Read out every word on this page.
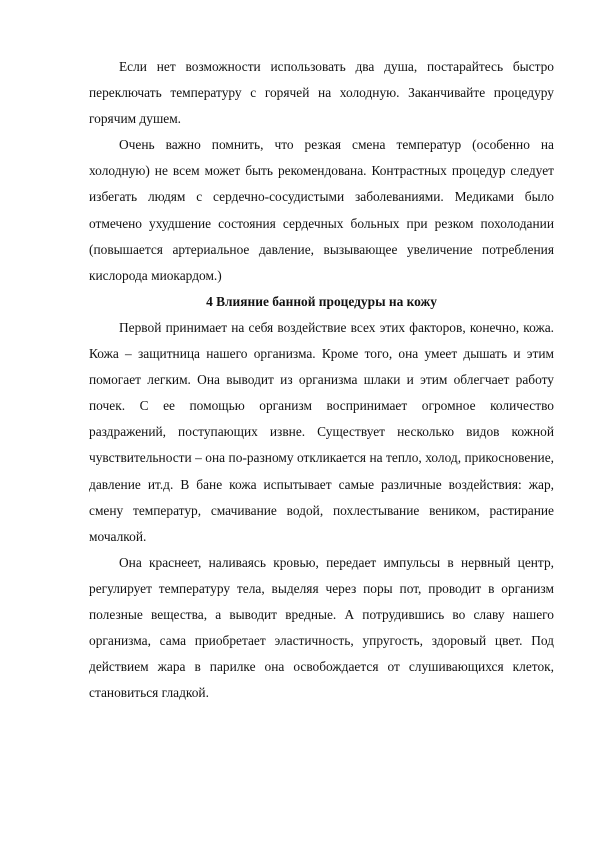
Если нет возможности использовать два душа, постарайтесь быстро переключать температуру с горячей на холодную. Заканчивайте процедуру горячим душем.

Очень важно помнить, что резкая смена температур (особенно на холодную) не всем может быть рекомендована. Контрастных процедур следует избегать людям с сердечно-сосудистыми заболеваниями. Медиками было отмечено ухудшение состояния сердечных больных при резком похолодании (повышается артериальное давление, вызывающее увеличение потребления кислорода миокардом.)

4 Влияние банной процедуры на кожу

Первой принимает на себя воздействие всех этих факторов, конечно, кожа. Кожа – защитница нашего организма. Кроме того, она умеет дышать и этим помогает легким. Она выводит из организма шлаки и этим облегчает работу почек. С ее помощью организм воспринимает огромное количество раздражений, поступающих извне. Существует несколько видов кожной чувствительности – она по-разному откликается на тепло, холод, прикосновение, давление ит.д. В бане кожа испытывает самые различные воздействия: жар, смену температур, смачивание водой, похлестывание веником, растирание мочалкой.

Она краснеет, наливаясь кровью, передает импульсы в нервный центр, регулирует температуру тела, выделяя через поры пот, проводит в организм полезные вещества, а выводит вредные. А потрудившись во славу нашего организма, сама приобретает эластичность, упругость, здоровый цвет. Под действием жара в парилке она освобождается от слушивающихся клеток, становиться гладкой.
